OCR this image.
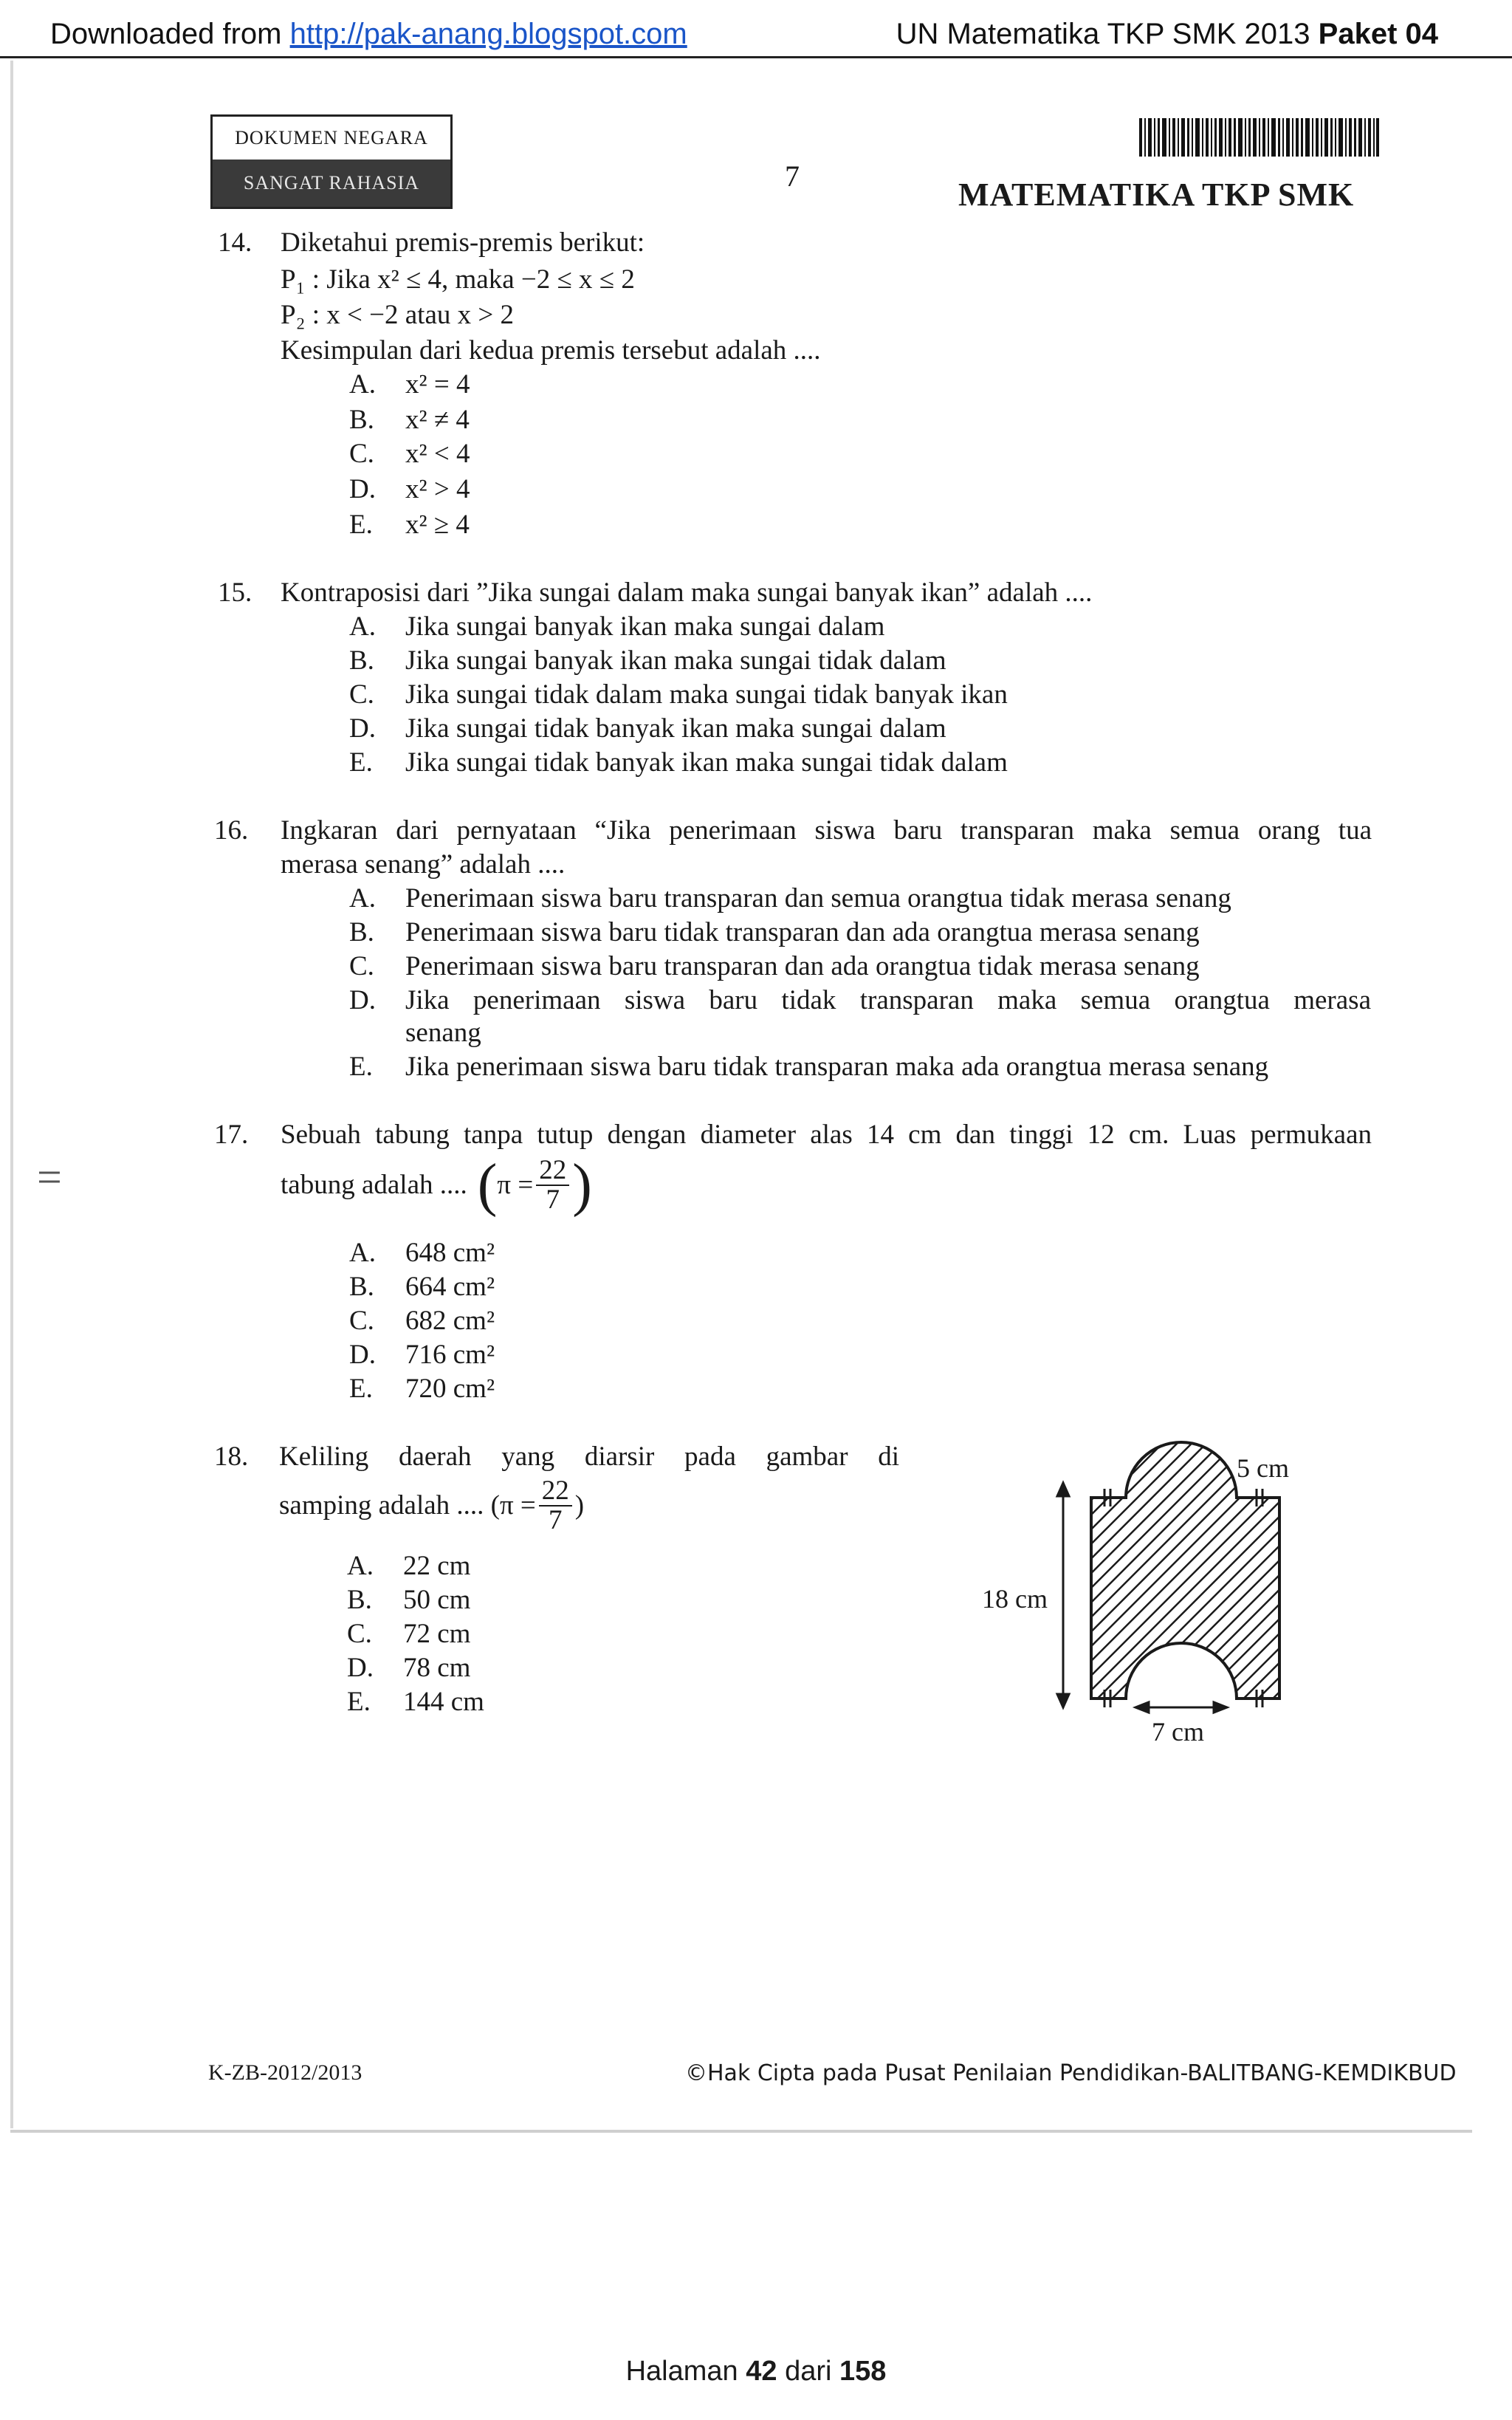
Downloaded from http://pak-anang.blogspot.com	UN Matematika TKP SMK 2013 Paket 04
DOKUMEN NEGARA
SANGAT RAHASIA	7
MATEMATIKA TKP SMK
14. Diketahui premis-premis berikut:
P₁ : Jika x² ≤ 4, maka −2 ≤ x ≤ 2
P₂ : x < −2 atau x > 2
Kesimpulan dari kedua premis tersebut adalah ....
A. x² = 4
B. x² ≠ 4
C. x² < 4
D. x² > 4
E. x² ≥ 4
15. Kontraposisi dari ”Jika sungai dalam maka sungai banyak ikan” adalah ....
A. Jika sungai banyak ikan maka sungai dalam
B. Jika sungai banyak ikan maka sungai tidak dalam
C. Jika sungai tidak dalam maka sungai tidak banyak ikan
D. Jika sungai tidak banyak ikan maka sungai dalam
E. Jika sungai tidak banyak ikan maka sungai tidak dalam
16. Ingkaran dari pernyataan “Jika penerimaan siswa baru transparan maka semua orang tua
merasa senang” adalah ....
A. Penerimaan siswa baru transparan dan semua orangtua tidak merasa senang
B. Penerimaan siswa baru tidak transparan dan ada orangtua merasa senang
C. Penerimaan siswa baru transparan dan ada orangtua tidak merasa senang
D. Jika penerimaan siswa baru tidak transparan maka semua orangtua merasa
senang
E. Jika penerimaan siswa baru tidak transparan maka ada orangtua merasa senang
17. Sebuah tabung tanpa tutup dengan diameter alas 14 cm dan tinggi 12 cm. Luas permukaan
tabung adalah .... ( $\pi = \frac{22}{7}$ )
A. 648 cm²
B. 664 cm²
C. 682 cm²
D. 716 cm²
E. 720 cm²
18. Keliling daerah yang diarsir pada gambar di
samping adalah .... ($\pi = \frac{22}{7}$ )
A. 22 cm
B. 50 cm
C. 72 cm
D. 78 cm
E. 144 cm
5 cm
18 cm
7 cm
=
K-ZB-2012/2013	©Hak Cipta pada Pusat Penilaian Pendidikan-BALITBANG-KEMDIKBUD
Halaman 42 dari 158
